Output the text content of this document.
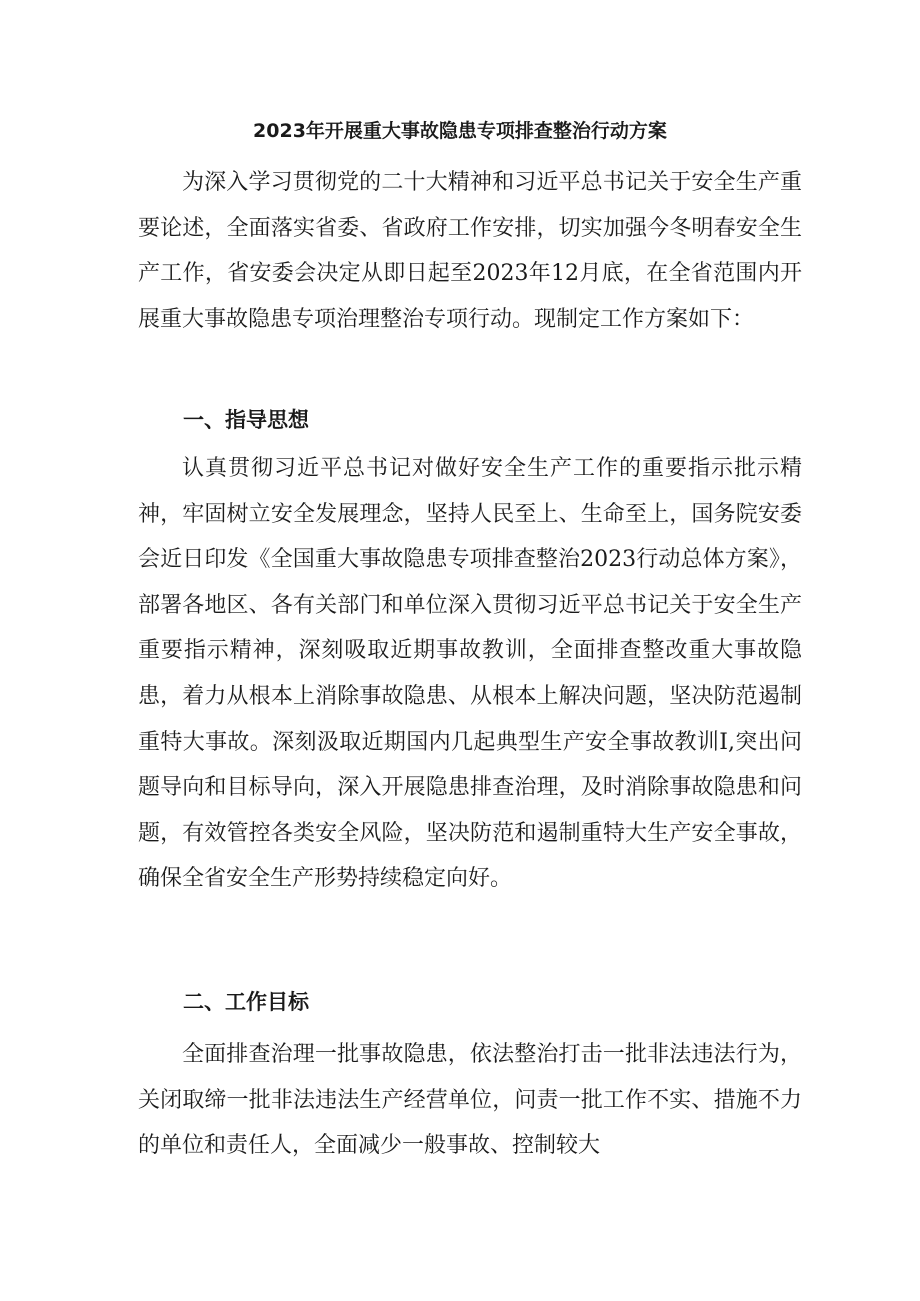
2023年开展重大事故隐患专项排查整治行动方案

为深入学习贯彻党的二十大精神和习近平总书记关于安全生产重要论述，全面落实省委、省政府工作安排，切实加强今冬明春安全生产工作，省安委会决定从即日起至2023年12月底，在全省范围内开展重大事故隐患专项治理整治专项行动。现制定工作方案如下：

一、指导思想

认真贯彻习近平总书记对做好安全生产工作的重要指示批示精神，牢固树立安全发展理念，坚持人民至上、生命至上，国务院安委会近日印发《全国重大事故隐患专项排查整治2023行动总体方案》，部署各地区、各有关部门和单位深入贯彻习近平总书记关于安全生产重要指示精神，深刻吸取近期事故教训，全面排查整改重大事故隐患，着力从根本上消除事故隐患、从根本上解决问题，坚决防范遏制重特大事故。深刻汲取近期国内几起典型生产安全事故教训I,突出问题导向和目标导向，深入开展隐患排查治理，及时消除事故隐患和问题，有效管控各类安全风险，坚决防范和遏制重特大生产安全事故，确保全省安全生产形势持续稳定向好。

二、工作目标

全面排查治理一批事故隐患，依法整治打击一批非法违法行为，关闭取缔一批非法违法生产经营单位，问责一批工作不实、措施不力的单位和责任人，全面减少一般事故、控制较大
